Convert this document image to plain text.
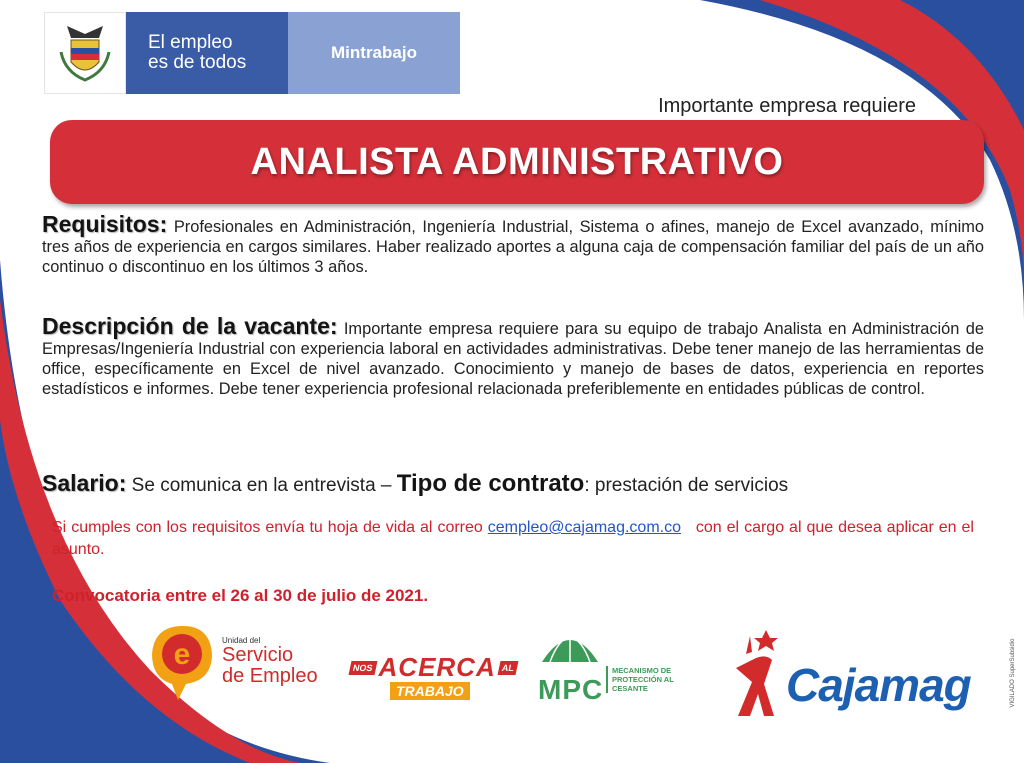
El empleo
es de todos	Mintrabajo
Importante empresa requiere
ANALISTA ADMINISTRATIVO
Requisitos: Profesionales en Administración, Ingeniería Industrial, Sistema o afines, manejo de Excel avanzado, mínimo tres años de experiencia en cargos similares. Haber realizado aportes a alguna caja de compensación familiar del país de un año continuo o discontinuo en los últimos 3 años.
Descripción de la vacante: Importante empresa requiere para su equipo de trabajo Analista en Administración de Empresas/Ingeniería Industrial con experiencia laboral en actividades administrativas. Debe tener manejo de las herramientas de office, específicamente en Excel de nivel avanzado. Conocimiento y manejo de bases de datos, experiencia en reportes estadísticos e informes. Debe tener experiencia profesional relacionada preferiblemente en entidades públicas de control.
Salario: Se comunica en la entrevista – Tipo de contrato: prestación de servicios
Si cumples con los requisitos envía tu hoja de vida al correo cempleo@cajamag.com.co con el cargo al que desea aplicar en el asunto.
Convocatoria entre el 26 al 30 de julio de 2021.
e	Unidad del
Servicio
de Empleo	NOS ACERCA AL
TRABAJO	MPC
MECANISMO DE PROTECCIÓN AL CESANTE	Cajamag	VIGILADO SuperSubsidio
